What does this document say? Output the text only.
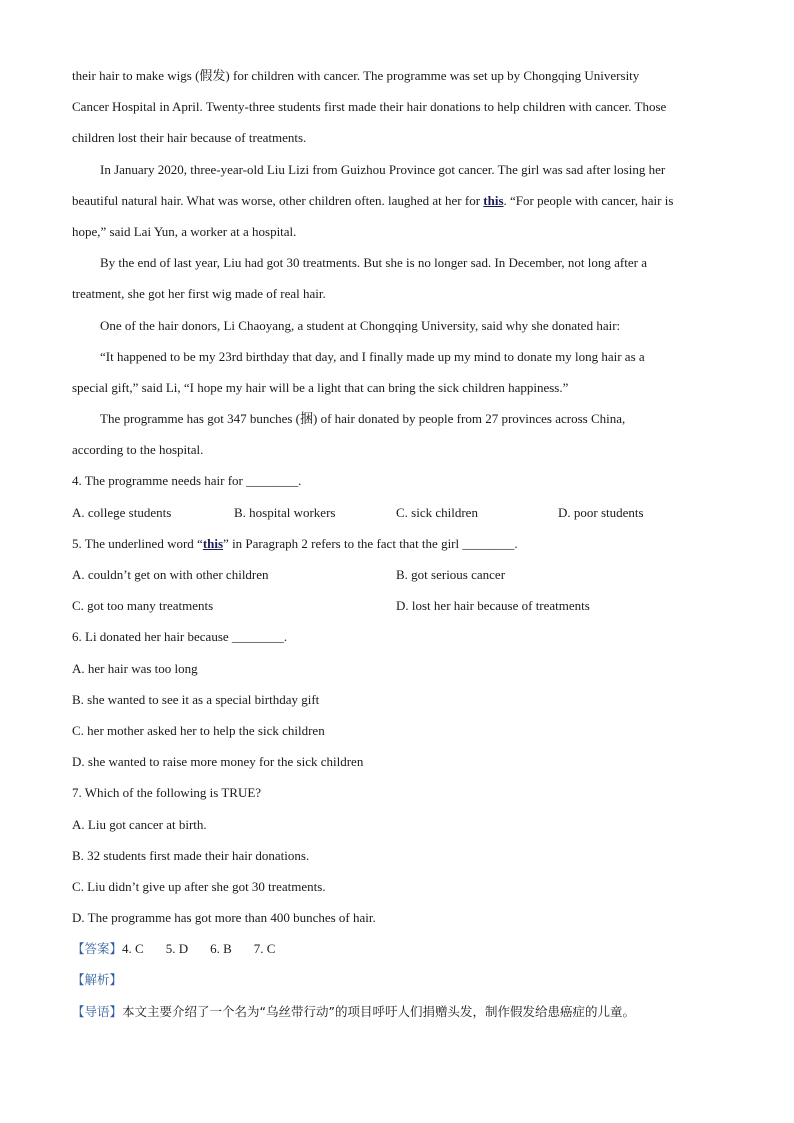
their hair to make wigs (假发) for children with cancer. The programme was set up by Chongqing University
Cancer Hospital in April. Twenty-three students first made their hair donations to help children with cancer. Those
children lost their hair because of treatments.
In January 2020, three-year-old Liu Lizi from Guizhou Province got cancer. The girl was sad after losing her
beautiful natural hair. What was worse, other children often. laughed at her for this. “For people with cancer, hair is
hope,” said Lai Yun, a worker at a hospital.
By the end of last year, Liu had got 30 treatments. But she is no longer sad. In December, not long after a
treatment, she got her first wig made of real hair.
One of the hair donors, Li Chaoyang, a student at Chongqing University, said why she donated hair:
“It happened to be my 23rd birthday that day, and I finally made up my mind to donate my long hair as a
special gift,” said Li, “I hope my hair will be a light that can bring the sick children happiness.”
The programme has got 347 bunches (捆) of hair donated by people from 27 provinces across China,
according to the hospital.
4. The programme needs hair for ________.
A. college students	B. hospital workers	C. sick children	D. poor students
5. The underlined word “this” in Paragraph 2 refers to the fact that the girl ________.
A. couldn’t get on with other children	B. got serious cancer
C. got too many treatments	D. lost her hair because of treatments
6. Li donated her hair because ________.
A. her hair was too long
B. she wanted to see it as a special birthday gift
C. her mother asked her to help the sick children
D. she wanted to raise more money for the sick children
7. Which of the following is TRUE?
A. Liu got cancer at birth.
B. 32 students first made their hair donations.
C. Liu didn’t give up after she got 30 treatments.
D. The programme has got more than 400 bunches of hair.
【答案】4. C 5. D 6. B 7. C
【解析】
【导语】本文主要介绍了一个名为“乌丝带行动”的项目呼吁人们捐赠头发，制作假发给患癌症的儿童。
